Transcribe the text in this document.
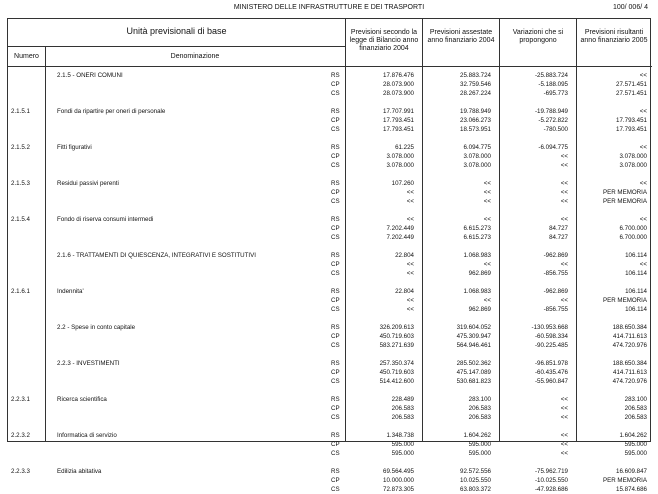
MINISTERO DELLE INFRASTRUTTURE E DEI TRASPORTI	100/ 006/ 4
Unità previsionali di base
Numero	Denominazione
Previsioni secondo la legge di Bilancio anno finanziario 2004
Previsioni assestate anno finanziario 2004
Variazioni che si propongono
Previsioni risultanti anno finanziario 2005
2.1.5 - ONERI COMUNI	RS	17.876.476	25.883.724	-25.883.724	<<
CP	28.073.900	32.759.546	-5.188.095	27.571.451
CS	28.073.900	28.267.224	-695.773	27.571.451
2.1.5.1	Fondi da ripartire per oneri di personale	RS	17.707.991	19.788.949	-19.788.949	<<
CP	17.793.451	23.066.273	-5.272.822	17.793.451
CS	17.793.451	18.573.951	-780.500	17.793.451
2.1.5.2	Fitti figurativi	RS	61.225	6.094.775	-6.094.775	<<
CP	3.078.000	3.078.000	<<	3.078.000
CS	3.078.000	3.078.000	<<	3.078.000
2.1.5.3	Residui passivi perenti	RS	107.260	<<	<<	<<
CP	<<	<<	<<	PER MEMORIA
CS	<<	<<	<<	PER MEMORIA
2.1.5.4	Fondo di riserva consumi intermedi	RS	<<	<<	<<	<<
CP	7.202.449	6.615.273	84.727	6.700.000
CS	7.202.449	6.615.273	84.727	6.700.000
2.1.6 - TRATTAMENTI DI QUIESCENZA, INTEGRATIVI E SOSTITUTIVI	RS	22.804	1.068.983	-962.869	106.114
CP	<<	<<	<<	<<
CS	<<	962.869	-856.755	106.114
2.1.6.1	Indennita'	RS	22.804	1.068.983	-962.869	106.114
CP	<<	<<	<<	PER MEMORIA
CS	<<	962.869	-856.755	106.114
2.2 - Spese in conto capitale	RS	326.209.613	319.604.052	-130.953.668	188.650.384
CP	450.719.603	475.309.947	-60.598.334	414.711.613
CS	583.271.639	564.946.461	-90.225.485	474.720.976
2.2.3 - INVESTIMENTI	RS	257.350.374	285.502.362	-96.851.978	188.650.384
CP	450.719.603	475.147.089	-60.435.476	414.711.613
CS	514.412.600	530.681.823	-55.960.847	474.720.976
2.2.3.1	Ricerca scientifica	RS	228.489	283.100	<<	283.100
CP	206.583	206.583	<<	206.583
CS	206.583	206.583	<<	206.583
2.2.3.2	Informatica di servizio	RS	1.348.738	1.604.262	<<	1.604.262
CP	595.000	595.000	<<	595.000
CS	595.000	595.000	<<	595.000
2.2.3.3	Edilizia abitativa	RS	69.564.495	92.572.556	-75.962.719	16.609.847
CP	10.000.000	10.025.550	-10.025.550	PER MEMORIA
CS	72.873.305	63.803.372	-47.928.686	15.874.686
